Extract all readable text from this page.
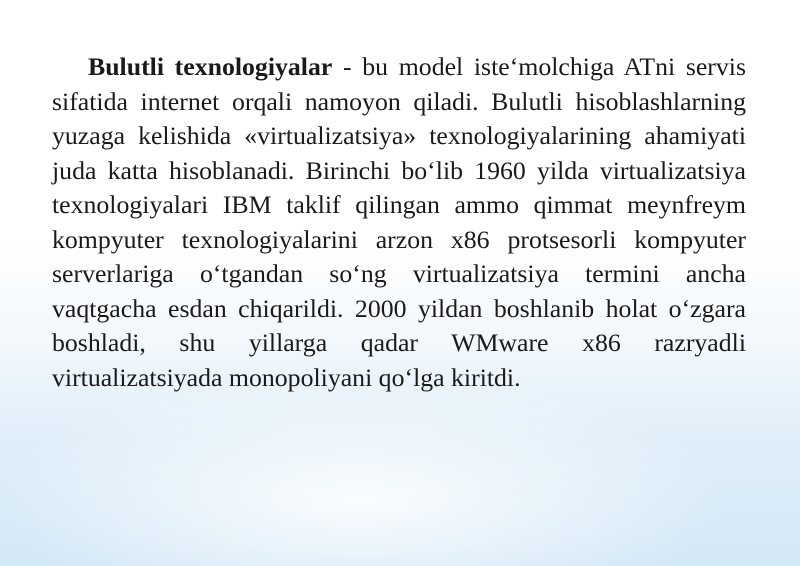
Bulutli texnologiyalar - bu model iste‘molchiga ATni servis sifatida internet orqali namoyon qiladi. Bulutli hisoblashlarning yuzaga kelishida «virtualizatsiya» texnologiyalarining ahamiyati juda katta hisoblanadi. Birinchi bo‘lib 1960 yilda virtualizatsiya texnologiyalari IBM taklif qilingan ammo qimmat meynfreym kompyuter texnologiyalarini arzon x86 protsesorli kompyuter serverlariga o‘tgandan so‘ng virtualizatsiya termini ancha vaqtgacha esdan chiqarildi. 2000 yildan boshlanib holat o‘zgara boshladi, shu yillarga qadar WMware x86 razryadli virtualizatsiyada monopoliyani qo‘lga kiritdi.
